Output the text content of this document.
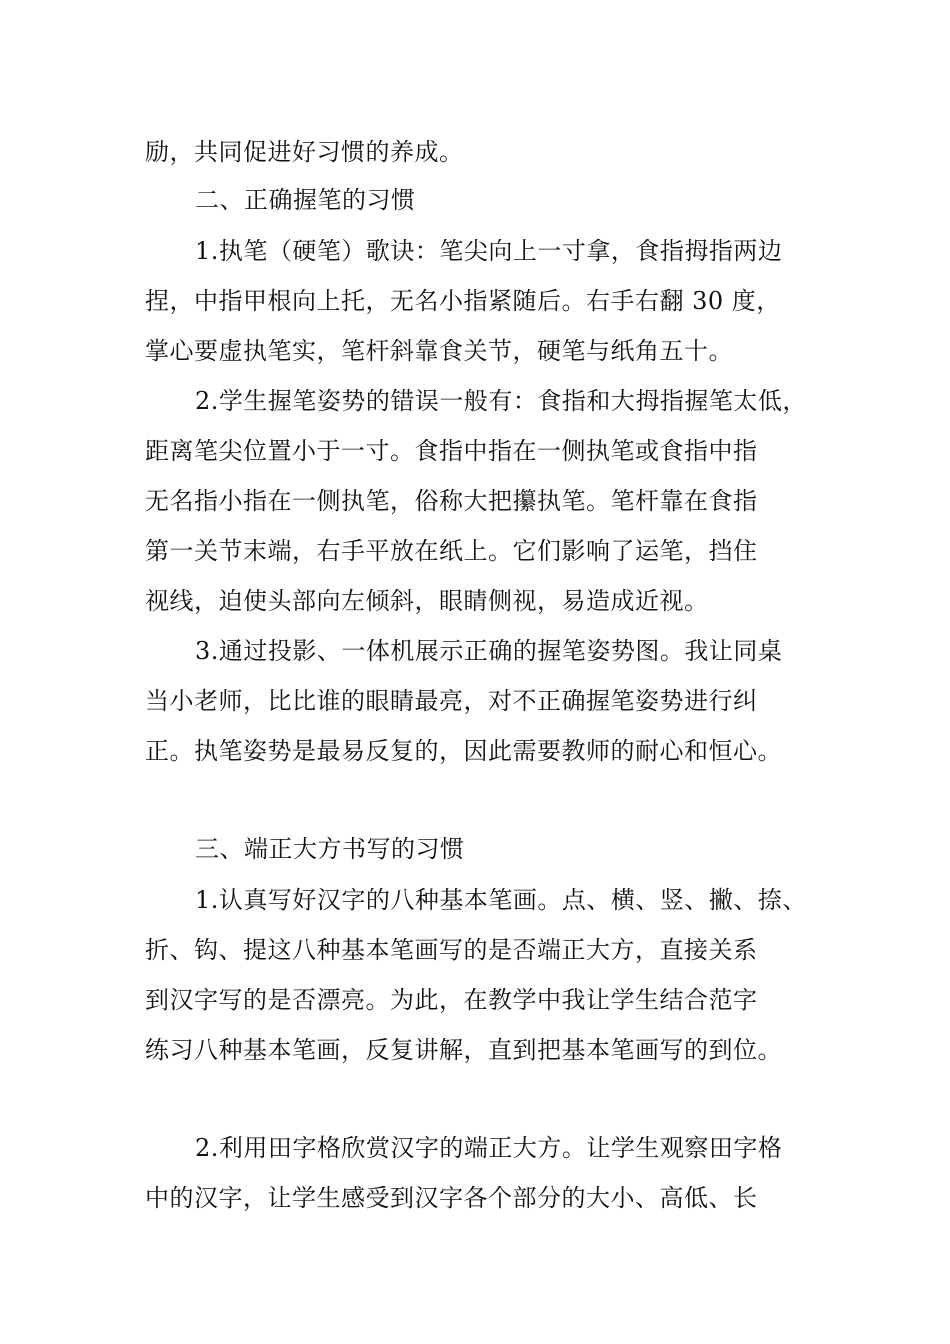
励，共同促进好习惯的养成。
二、正确握笔的习惯
1.执笔（硬笔）歌诀：笔尖向上一寸拿，食指拇指两边
捏，中指甲根向上托，无名小指紧随后。右手右翻 30 度，
掌心要虚执笔实，笔杆斜靠食关节，硬笔与纸角五十。
2.学生握笔姿势的错误一般有：食指和大拇指握笔太低，
距离笔尖位置小于一寸。食指中指在一侧执笔或食指中指
无名指小指在一侧执笔，俗称大把攥执笔。笔杆靠在食指
第一关节末端，右手平放在纸上。它们影响了运笔，挡住
视线，迫使头部向左倾斜，眼睛侧视，易造成近视。
3.通过投影、一体机展示正确的握笔姿势图。我让同桌
当小老师，比比谁的眼睛最亮，对不正确握笔姿势进行纠
正。执笔姿势是最易反复的，因此需要教师的耐心和恒心。
三、端正大方书写的习惯
1.认真写好汉字的八种基本笔画。点、横、竖、撇、捺、
折、钩、提这八种基本笔画写的是否端正大方，直接关系
到汉字写的是否漂亮。为此，在教学中我让学生结合范字
练习八种基本笔画，反复讲解，直到把基本笔画写的到位。
2.利用田字格欣赏汉字的端正大方。让学生观察田字格
中的汉字，让学生感受到汉字各个部分的大小、高低、长
